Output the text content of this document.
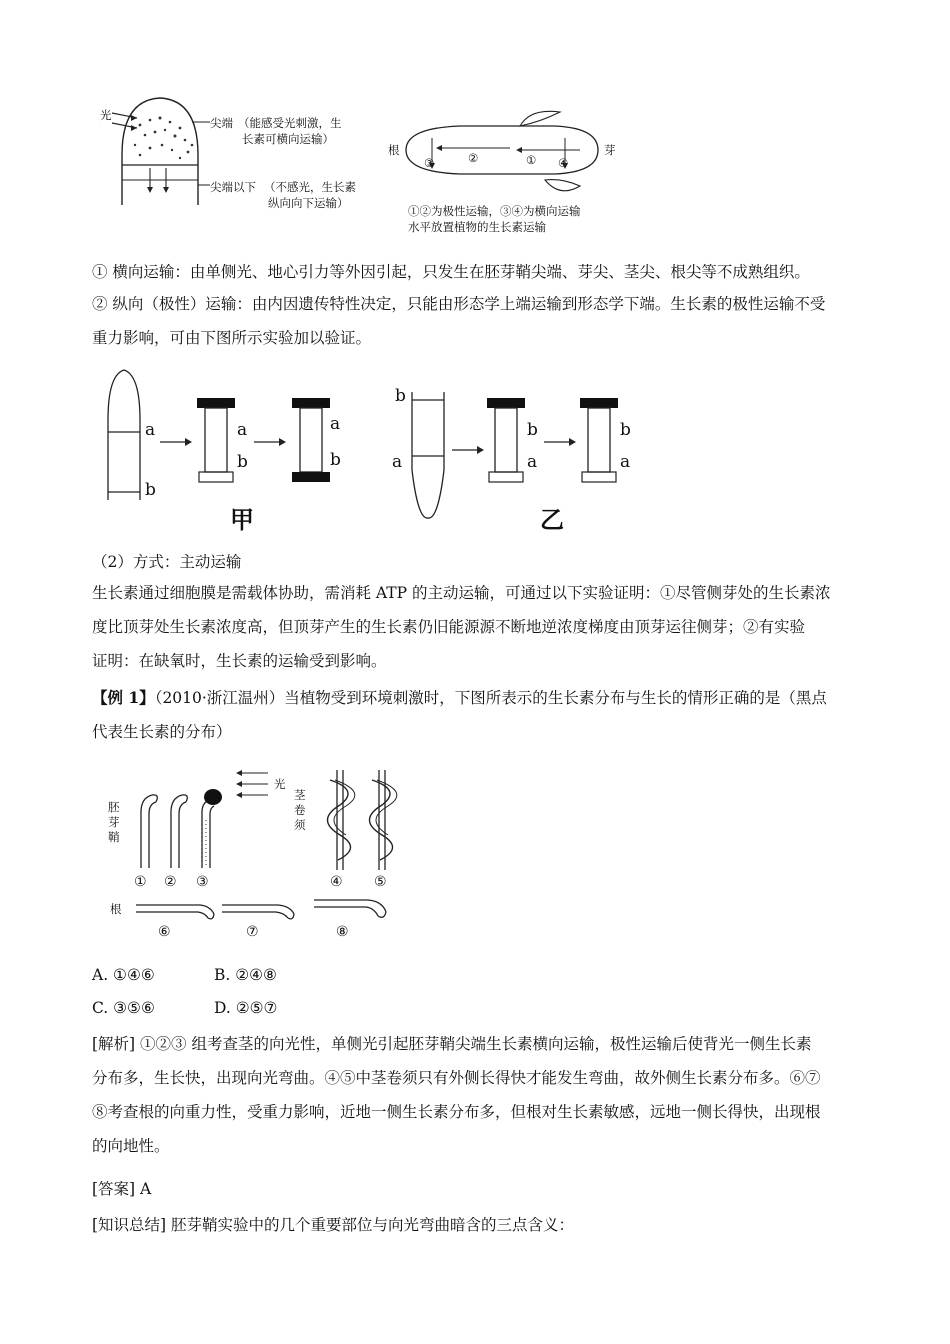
光
尖端 （能感受光刺激，生
长素可横向运输）
尖端以下 （不感光，生长素
纵向向下运输）
根	芽
③	②	① ④
①②为极性运输，③④为横向运输
水平放置植物的生长素运输
① 横向运输：由单侧光、地心引力等外因引起，只发生在胚芽鞘尖端、芽尖、茎尖、根尖等不成熟组织。
② 纵向（极性）运输：由内因遗传特性决定，只能由形态学上端运输到形态学下端。生长素的极性运输不受
重力影响，可由下图所示实验加以验证。
a
b
a
b
a
b
甲
b
a
b
a
b
a
乙
（2）方式：主动运输
生长素通过细胞膜是需载体协助，需消耗 ATP 的主动运输，可通过以下实验证明：①尽管侧芽处的生长素浓
度比顶芽处生长素浓度高，但顶芽产生的生长素仍旧能源源不断地逆浓度梯度由顶芽运往侧芽；②有实验
证明：在缺氧时，生长素的运输受到影响。
【例 1】（2010·浙江温州）当植物受到环境刺激时，下图所表示的生长素分布与生长的情形正确的是（黑点
代表生长素的分布）
光
胚芽鞘
茎卷须
根
① ② ③	④ ⑤
⑥	⑦	⑧
A. ①④⑥	B. ②④⑧
C. ③⑤⑥	D. ②⑤⑦
[解析] ①②③ 组考查茎的向光性，单侧光引起胚芽鞘尖端生长素横向运输，极性运输后使背光一侧生长素
分布多，生长快，出现向光弯曲。④⑤中茎卷须只有外侧长得快才能发生弯曲，故外侧生长素分布多。⑥⑦
⑧考查根的向重力性，受重力影响，近地一侧生长素分布多，但根对生长素敏感，远地一侧长得快，出现根
的向地性。
[答案] A
[知识总结] 胚芽鞘实验中的几个重要部位与向光弯曲暗含的三点含义：
